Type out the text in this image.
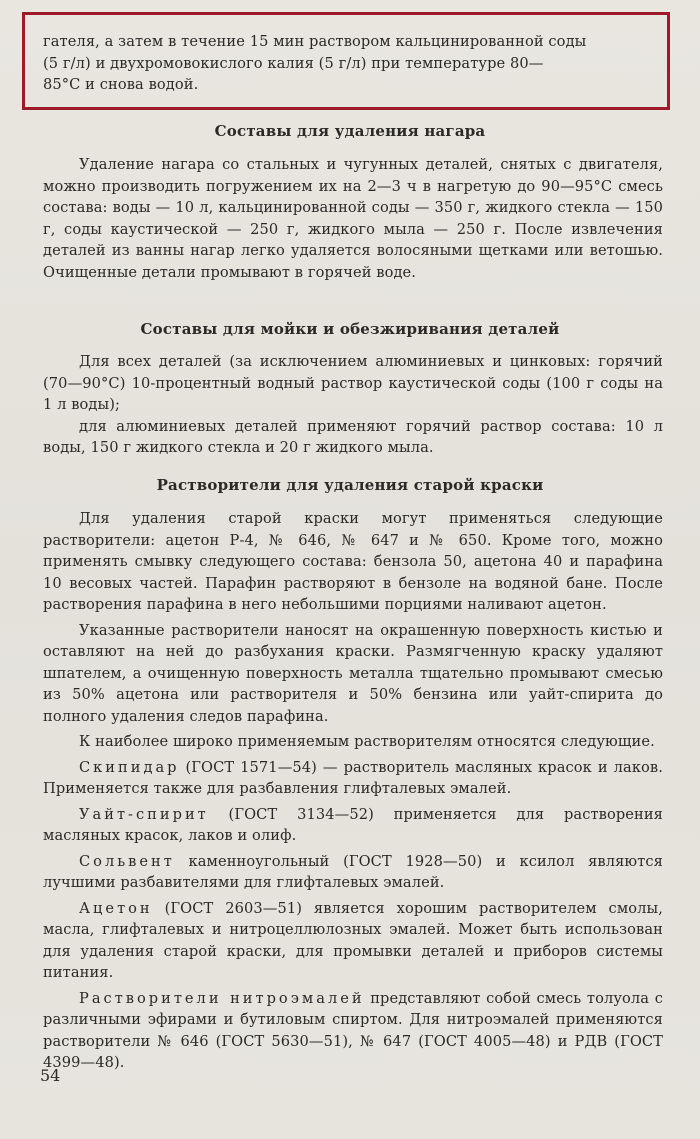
гателя, а затем в течение 15 мин раствором кальцинированной соды

(5 г/л) и двухромовокислого калия (5 г/л) при температуре 80—

85°С и снова водой.

Составы для удаления нагара

Удаление нагара со стальных и чугунных деталей, снятых с двигателя, можно производить погружением их на 2—3 ч в нагретую до 90—95°С смесь состава: воды — 10 л, кальцинированной соды — 350 г, жидкого стекла — 150 г, соды каустической — 250 г, жидкого мыла — 250 г. После извлечения деталей из ванны нагар легко удаляется волосяными щетками или ветошью. Очищенные детали промывают в горячей воде.

Составы для мойки и обезжиривания деталей

Для всех деталей (за исключением алюминиевых и цинковых: горячий (70—90°С) 10-процентный водный раствор каустической соды (100 г соды на 1 л воды);

для алюминиевых деталей применяют горячий раствор состава: 10 л воды, 150 г жидкого стекла и 20 г жидкого мыла.

Растворители для удаления старой краски

Для удаления старой краски могут применяться следующие растворители: ацетон Р-4, № 646, № 647 и № 650. Кроме того, можно применять смывку следующего состава: бензола 50, ацетона 40 и парафина 10 весовых частей. Парафин растворяют в бензоле на водяной бане. После растворения парафина в него небольшими порциями наливают ацетон.

Указанные растворители наносят на окрашенную поверхность кистью и оставляют на ней до разбухания краски. Размягченную краску удаляют шпателем, а очищенную поверхность металла тщательно промывают смесью из 50% ацетона или растворителя и 50% бензина или уайт-спирита до полного удаления следов парафина.

К наиболее широко применяемым растворителям относятся следующие.

Скипидар (ГОСТ 1571—54) — растворитель масляных красок и лаков. Применяется также для разбавления глифталевых эмалей.

Уайт-спирит (ГОСТ 3134—52) применяется для растворения масляных красок, лаков и олиф.

Сольвент каменноугольный (ГОСТ 1928—50) и ксилол являются лучшими разбавителями для глифталевых эмалей.

Ацетон (ГОСТ 2603—51) является хорошим растворителем смолы, масла, глифталевых и нитроцеллюлозных эмалей. Может быть использован для удаления старой краски, для промывки деталей и приборов системы питания.

Растворители нитроэмалей представляют собой смесь толуола с различными эфирами и бутиловым спиртом. Для нитроэмалей применяются растворители № 646 (ГОСТ 5630—51), № 647 (ГОСТ 4005—48) и РДВ (ГОСТ 4399—48).

54
